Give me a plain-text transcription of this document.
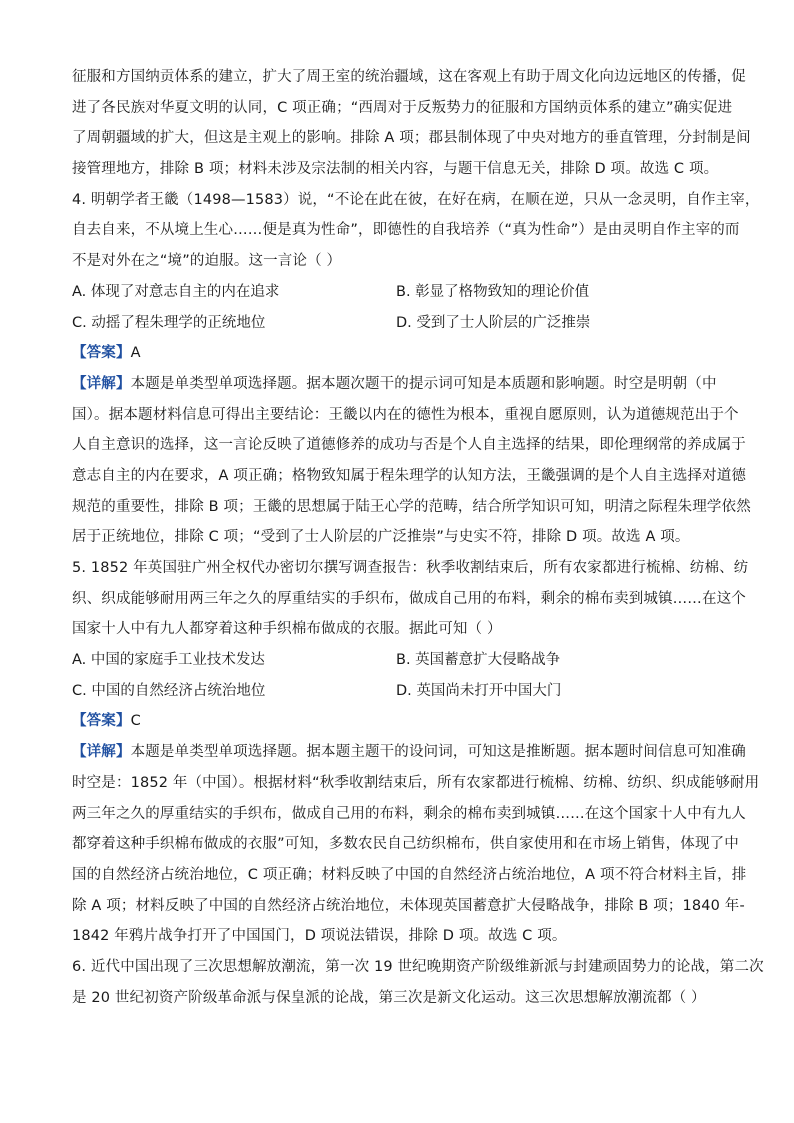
征服和方国纳贡体系的建立，扩大了周王室的统治疆域，这在客观上有助于周文化向边远地区的传播，促
进了各民族对华夏文明的认同，C 项正确；“西周对于反叛势力的征服和方国纳贡体系的建立”确实促进
了周朝疆域的扩大，但这是主观上的影响。排除 A 项；郡县制体现了中央对地方的垂直管理，分封制是间
接管理地方，排除 B 项；材料未涉及宗法制的相关内容，与题干信息无关，排除 D 项。故选 C 项。
4. 明朝学者王畿（1498—1583）说，“不论在此在彼，在好在病，在顺在逆，只从一念灵明，自作主宰，
自去自来，不从境上生心……便是真为性命”，即德性的自我培养（“真为性命”）是由灵明自作主宰的而
不是对外在之“境”的迫服。这一言论（ ）
A. 体现了对意志自主的内在追求	B. 彰显了格物致知的理论价值
C. 动摇了程朱理学的正统地位	D. 受到了士人阶层的广泛推崇
【答案】A
【详解】本题是单类型单项选择题。据本题次题干的提示词可知是本质题和影响题。时空是明朝（中
国）。据本题材料信息可得出主要结论：王畿以内在的德性为根本，重视自愿原则，认为道德规范出于个
人自主意识的选择，这一言论反映了道德修养的成功与否是个人自主选择的结果，即伦理纲常的养成属于
意志自主的内在要求，A 项正确；格物致知属于程朱理学的认知方法，王畿强调的是个人自主选择对道德
规范的重要性，排除 B 项；王畿的思想属于陆王心学的范畴，结合所学知识可知，明清之际程朱理学依然
居于正统地位，排除 C 项；“受到了士人阶层的广泛推崇”与史实不符，排除 D 项。故选 A 项。
5. 1852 年英国驻广州全权代办密切尔撰写调查报告：秋季收割结束后，所有农家都进行梳棉、纺棉、纺
织、织成能够耐用两三年之久的厚重结实的手织布，做成自己用的布料，剩余的棉布卖到城镇……在这个
国家十人中有九人都穿着这种手织棉布做成的衣服。据此可知（ ）
A. 中国的家庭手工业技术发达	B. 英国蓄意扩大侵略战争
C. 中国的自然经济占统治地位	D. 英国尚未打开中国大门
【答案】C
【详解】本题是单类型单项选择题。据本题主题干的设问词，可知这是推断题。据本题时间信息可知准确
时空是：1852 年（中国）。根据材料“秋季收割结束后，所有农家都进行梳棉、纺棉、纺织、织成能够耐用
两三年之久的厚重结实的手织布，做成自己用的布料，剩余的棉布卖到城镇……在这个国家十人中有九人
都穿着这种手织棉布做成的衣服”可知，多数农民自己纺织棉布，供自家使用和在市场上销售，体现了中
国的自然经济占统治地位，C 项正确；材料反映了中国的自然经济占统治地位，A 项不符合材料主旨，排
除 A 项；材料反映了中国的自然经济占统治地位，未体现英国蓄意扩大侵略战争，排除 B 项；1840 年-
1842 年鸦片战争打开了中国国门，D 项说法错误，排除 D 项。故选 C 项。
6. 近代中国出现了三次思想解放潮流，第一次 19 世纪晚期资产阶级维新派与封建顽固势力的论战，第二次
是 20 世纪初资产阶级革命派与保皇派的论战，第三次是新文化运动。这三次思想解放潮流都（ ）
